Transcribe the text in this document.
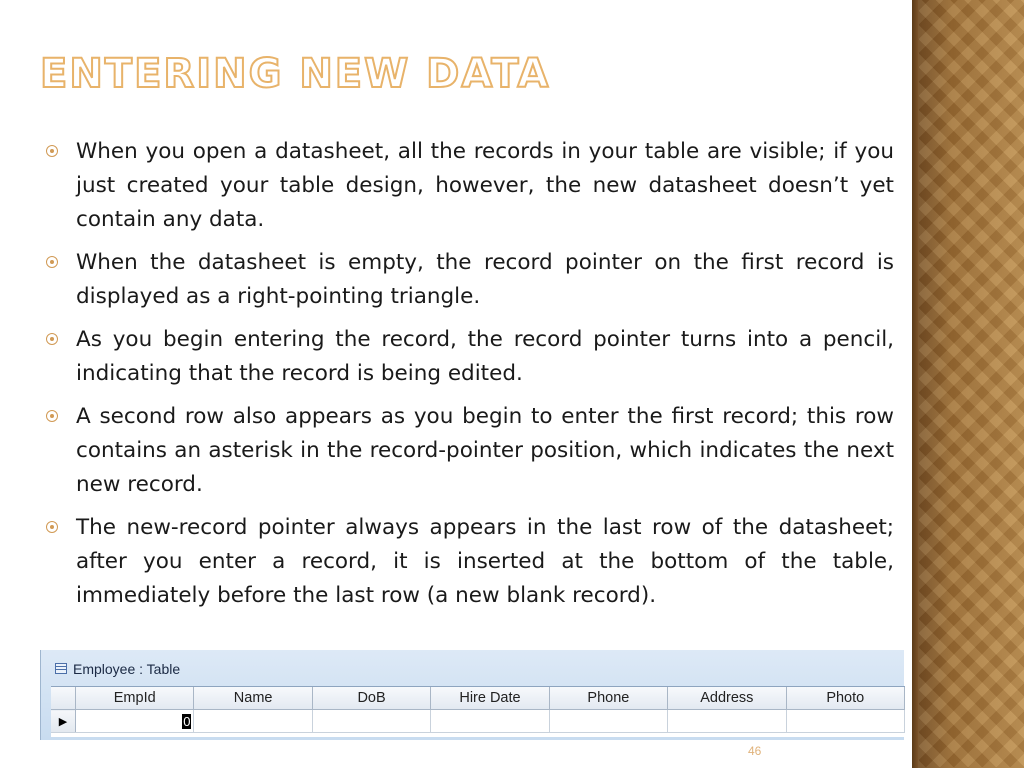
ENTERING NEW DATA
When you open a datasheet, all the records in your table are visible; if you just created your table design, however, the new datasheet doesn’t yet contain any data.
When the datasheet is empty, the record pointer on the first record is displayed as a right-pointing triangle.
As you begin entering the record, the record pointer turns into a pencil, indicating that the record is being edited.
A second row also appears as you begin to enter the first record; this row contains an asterisk in the record-pointer position, which indicates the next new record.
The new-record pointer always appears in the last row of the datasheet; after you enter a record, it is inserted at the bottom of the table, immediately before the last row (a new blank record).
Employee : Table
	EmpId	Name	DoB	Hire Date	Phone	Address	Photo
▶	0						
46
